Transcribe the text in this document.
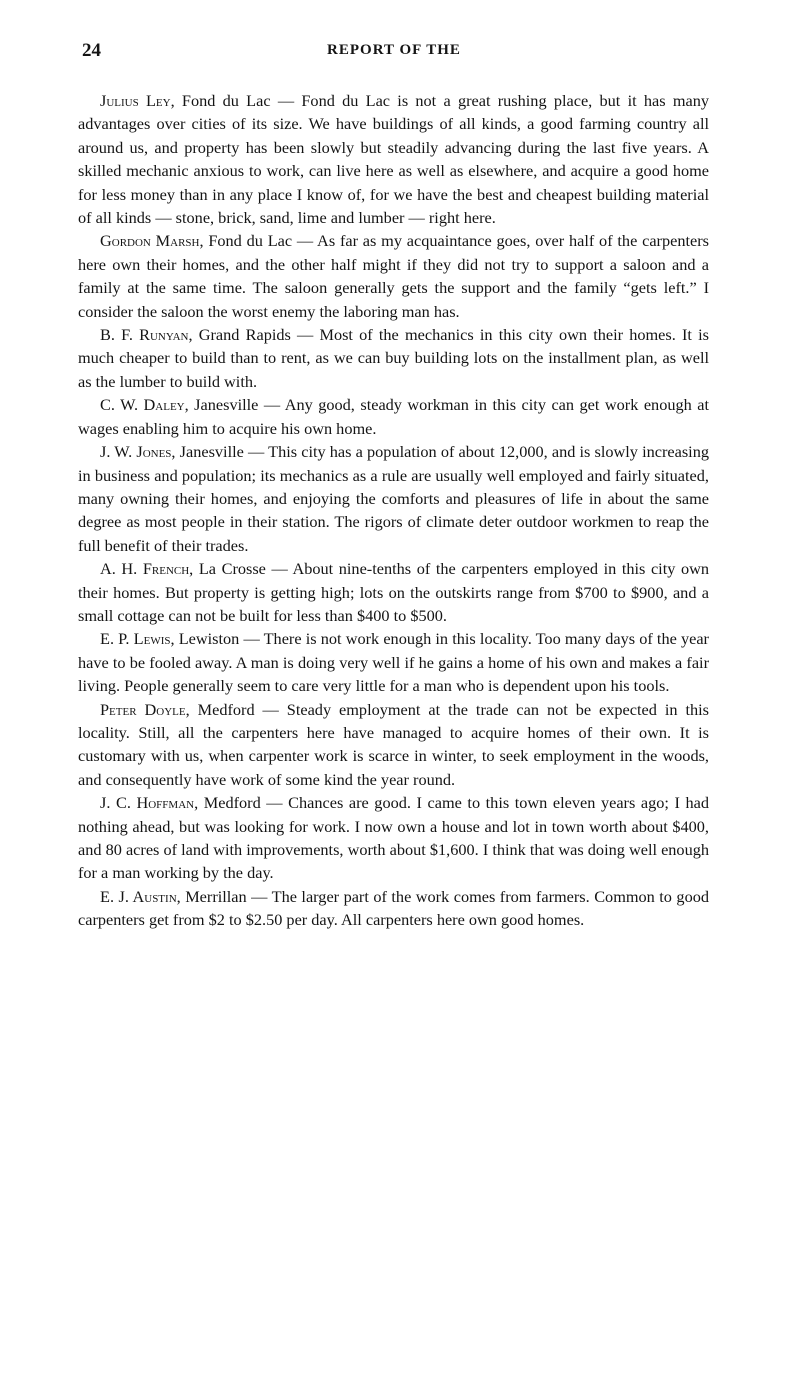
24	REPORT OF THE

Julius Ley, Fond du Lac — Fond du Lac is not a great rushing place, but it has many advantages over cities of its size. We have buildings of all kinds, a good farming country all around us, and property has been slowly but steadily advancing during the last five years. A skilled mechanic anxious to work, can live here as well as elsewhere, and acquire a good home for less money than in any place I know of, for we have the best and cheapest building material of all kinds — stone, brick, sand, lime and lumber — right here.

Gordon Marsh, Fond du Lac — As far as my acquaintance goes, over half of the carpenters here own their homes, and the other half might if they did not try to support a saloon and a family at the same time. The saloon generally gets the support and the family “gets left.” I consider the saloon the worst enemy the laboring man has.

B. F. Runyan, Grand Rapids — Most of the mechanics in this city own their homes. It is much cheaper to build than to rent, as we can buy building lots on the installment plan, as well as the lumber to build with.

C. W. Daley, Janesville — Any good, steady workman in this city can get work enough at wages enabling him to acquire his own home.

J. W. Jones, Janesville — This city has a population of about 12,000, and is slowly increasing in business and population; its mechanics as a rule are usually well employed and fairly situated, many owning their homes, and enjoying the comforts and pleasures of life in about the same degree as most people in their station. The rigors of climate deter outdoor workmen to reap the full benefit of their trades.

A. H. French, La Crosse — About nine-tenths of the carpenters employed in this city own their homes. But property is getting high; lots on the outskirts range from $700 to $900, and a small cottage can not be built for less than $400 to $500.

E. P. Lewis, Lewiston — There is not work enough in this locality. Too many days of the year have to be fooled away. A man is doing very well if he gains a home of his own and makes a fair living. People generally seem to care very little for a man who is dependent upon his tools.

Peter Doyle, Medford — Steady employment at the trade can not be expected in this locality. Still, all the carpenters here have managed to acquire homes of their own. It is customary with us, when carpenter work is scarce in winter, to seek employment in the woods, and consequently have work of some kind the year round.

J. C. Hoffman, Medford — Chances are good. I came to this town eleven years ago; I had nothing ahead, but was looking for work. I now own a house and lot in town worth about $400, and 80 acres of land with improvements, worth about $1,600. I think that was doing well enough for a man working by the day.

E. J. Austin, Merrillan — The larger part of the work comes from farmers. Common to good carpenters get from $2 to $2.50 per day. All carpenters here own good homes.
